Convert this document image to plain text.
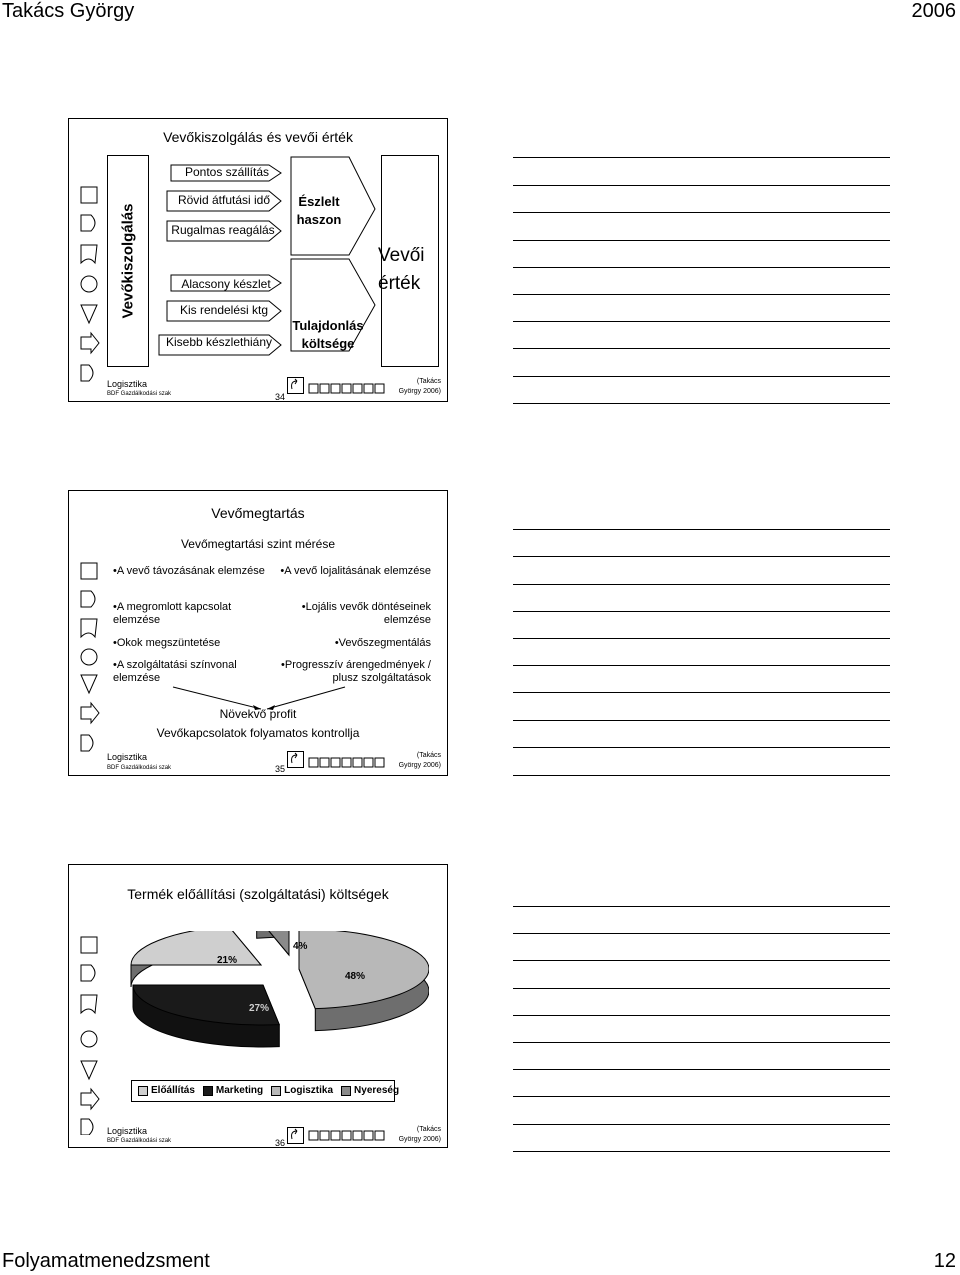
Takács György	2006
Folyamatmenedzsment	12
Vevőkiszolgálás és vevői érték
Vevőkiszolgálás
Pontos szállítás
Rövid átfutási idő
Rugalmas reagálás
Alacsony készlet
Kis rendelési ktg
Kisebb készlethiány
Észlelt
haszon
Tulajdonlás
költsége
Vevői
érték
Logisztika
BDF Gazdálkodási szak	34
(Takács György 2006)
Vevőmegtartás
Vevőmegtartási szint mérése
•A vevő távozásának elemzése
•A megromlott kapcsolat elemzése
•Okok megszüntetése
•A szolgáltatási színvonal elemzése
•A vevő lojalitásának elemzése
•Lojális vevők döntéseinek elemzése
•Vevőszegmentálás
•Progresszív árengedmények / plusz szolgáltatások
Növekvő profit
Vevőkapcsolatok folyamatos kontrollja
Logisztika
BDF Gazdálkodási szak	35
(Takács György 2006)
Termék előállítási (szolgáltatási) költségek
21%
4%
48%
27%
Előállítás Marketing Logisztika Nyereség
Logisztika
BDF Gazdálkodási szak	36
(Takács György 2006)
